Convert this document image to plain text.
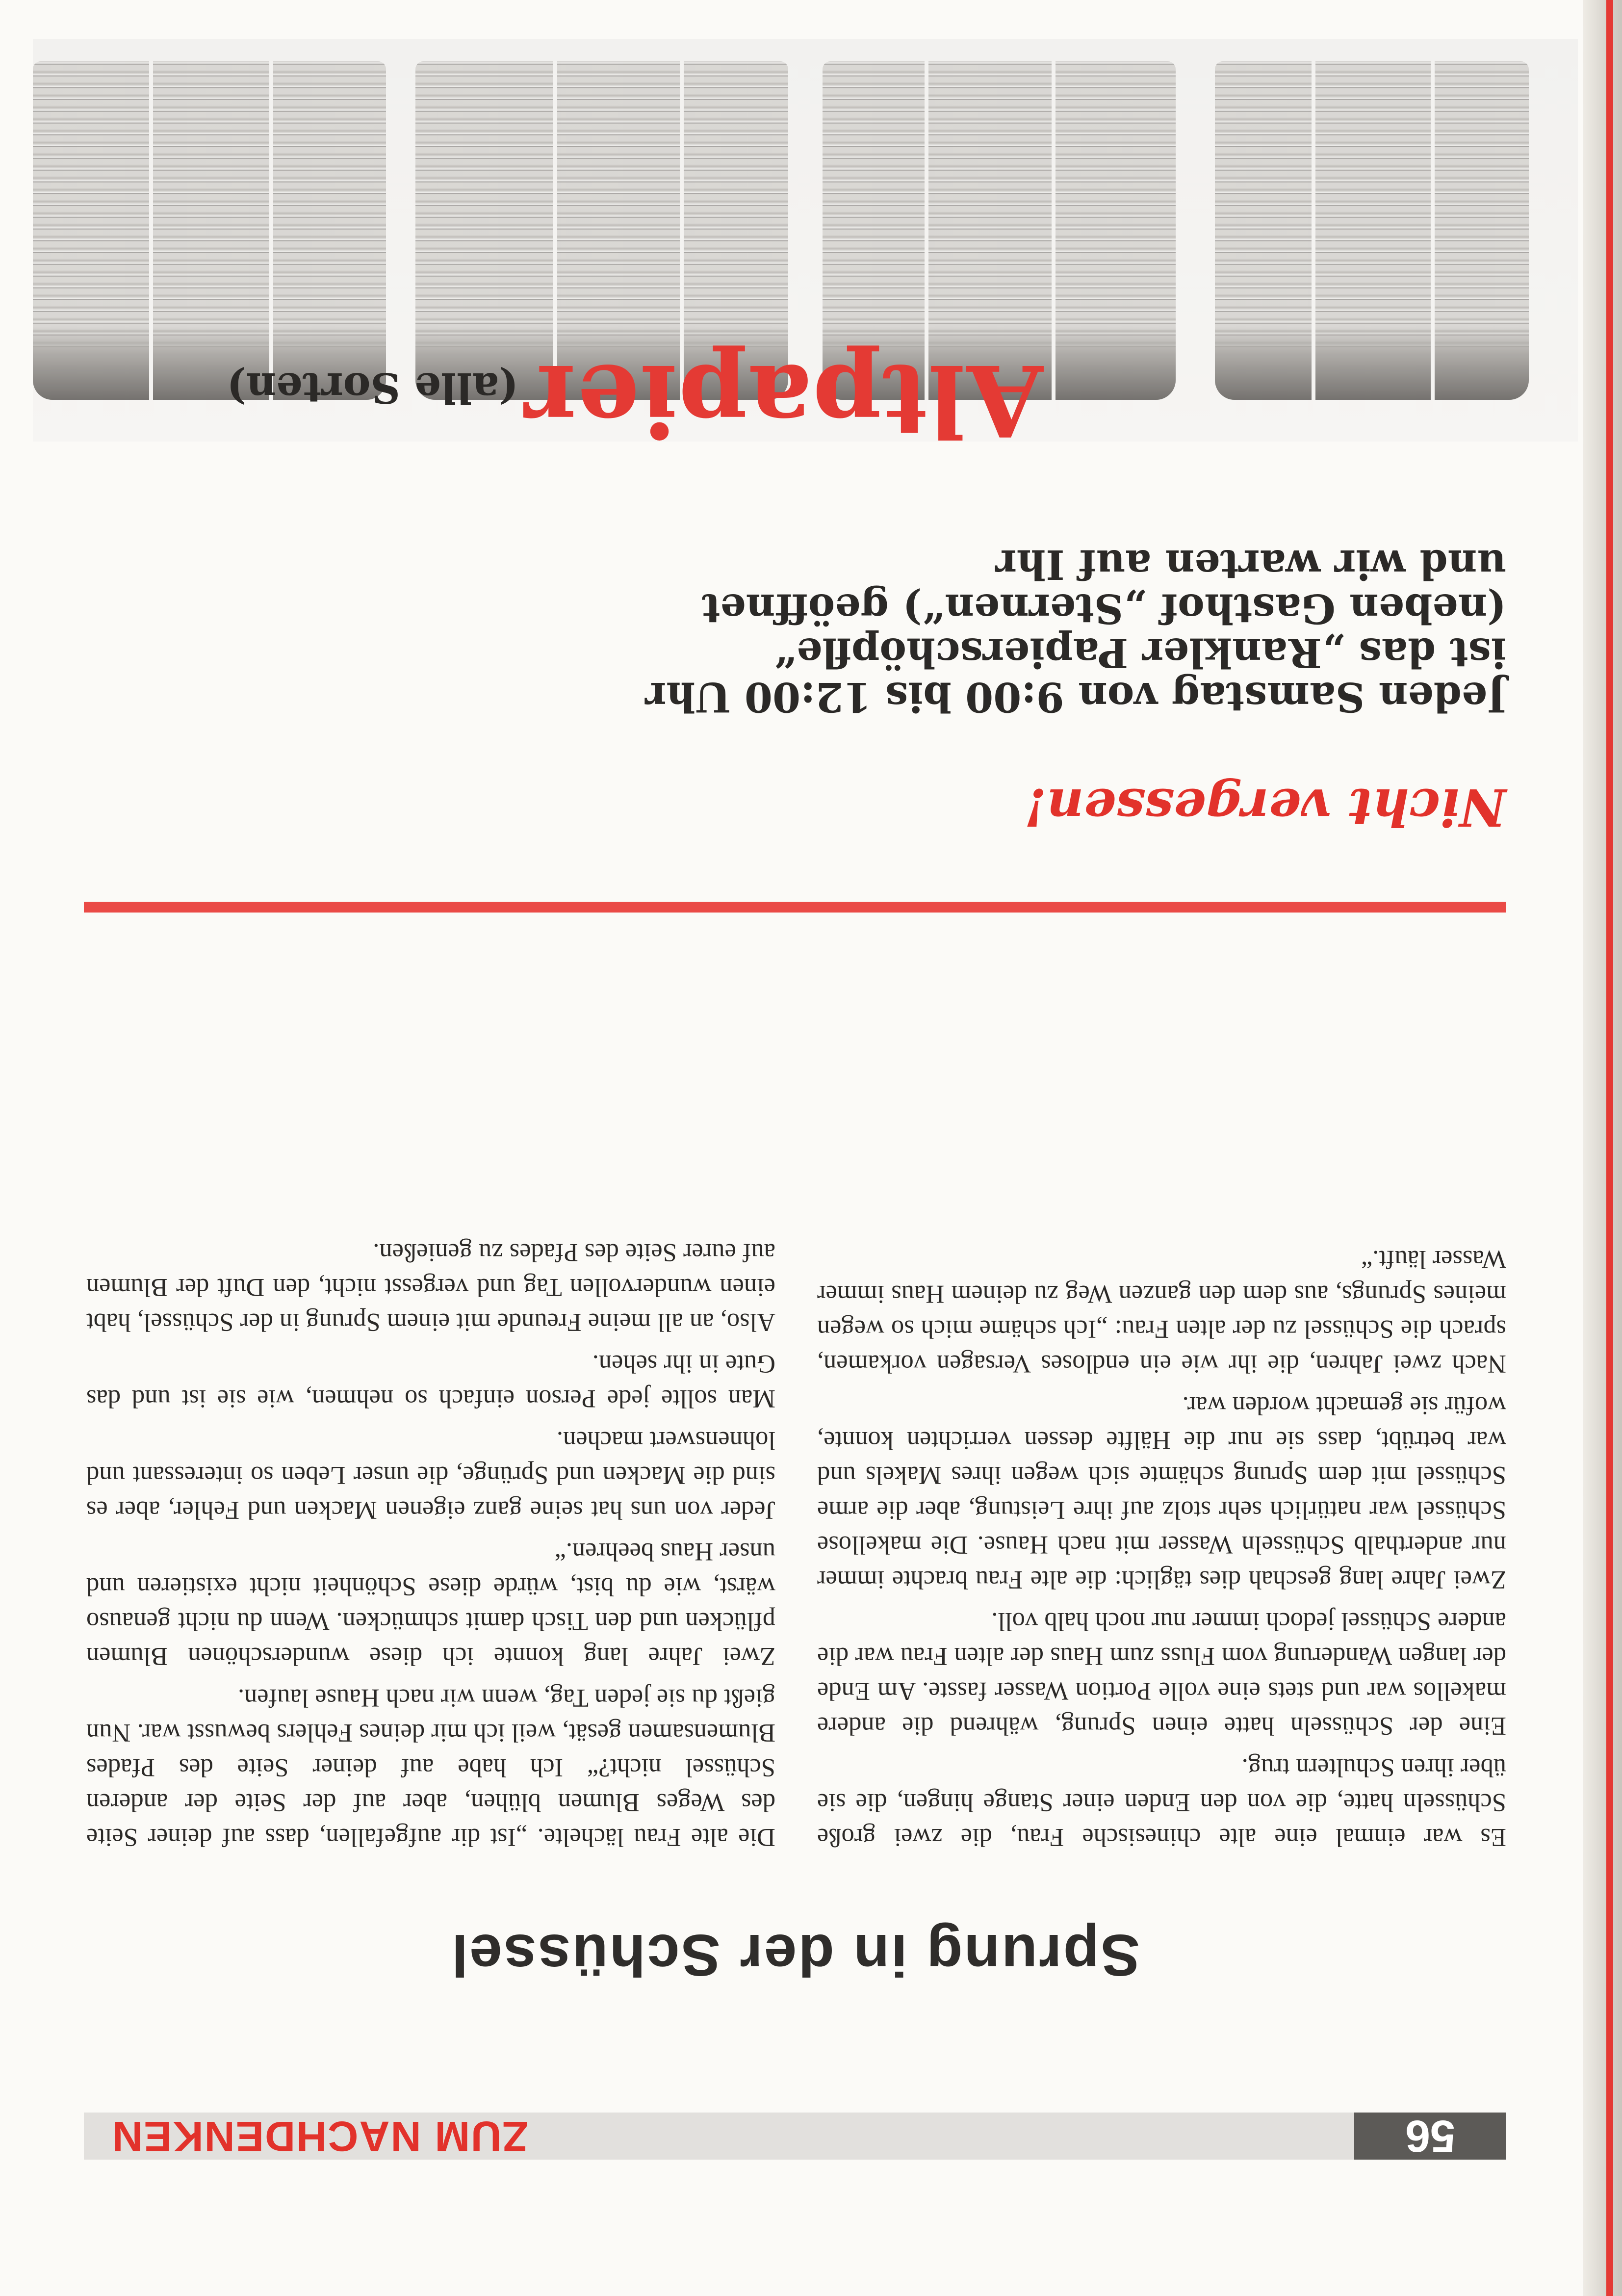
56
ZUM NACHDENKEN
Sprung in der Schüssel

Es war einmal eine alte chinesische Frau, die zwei große Schüsseln hatte, die von den Enden einer Stange hingen, die sie über ihren Schultern trug.

Eine der Schüsseln hatte einen Sprung, während die andere makellos war und stets eine volle Portion Wasser fasste. Am Ende der langen Wanderung vom Fluss zum Haus der alten Frau war die andere Schüssel jedoch immer nur noch halb voll.

Zwei Jahre lang geschah dies täglich: die alte Frau brachte immer nur anderthalb Schüsseln Wasser mit nach Hause. Die makellose Schüssel war natürlich sehr stolz auf ihre Leistung, aber die arme Schüssel mit dem Sprung schämte sich wegen ihres Makels und war betrübt, dass sie nur die Hälfte dessen verrichten konnte, wofür sie gemacht worden war.

Nach zwei Jahren, die ihr wie ein endloses Versagen vorkamen, sprach die Schüssel zu der alten Frau: „Ich schäme mich so wegen meines Sprungs, aus dem den ganzen Weg zu deinem Haus immer Wasser läuft.“

Die alte Frau lächelte. „Ist dir aufgefallen, dass auf deiner Seite des Weges Blumen blühen, aber auf der Seite der anderen Schüssel nicht?“ Ich habe auf deiner Seite des Pfades Blumensamen gesät, weil ich mir deines Fehlers bewusst war. Nun gießt du sie jeden Tag, wenn wir nach Hause laufen.

Zwei Jahre lang konnte ich diese wunderschönen Blumen pflücken und den Tisch damit schmücken. Wenn du nicht genauso wärst, wie du bist, würde diese Schönheit nicht existieren und unser Haus beehren.“

Jeder von uns hat seine ganz eigenen Macken und Fehler, aber es sind die Macken und Sprünge, die unser Leben so interessant und lohnenswert machen.

Man sollte jede Person einfach so nehmen, wie sie ist und das Gute in ihr sehen.

Also, an all meine Freunde mit einem Sprung in der Schüssel, habt einen wundervollen Tag und vergesst nicht, den Duft der Blumen auf eurer Seite des Pfades zu genießen.

Nicht vergessen!
Jeden Samstag von 9:00 bis 12:00 Uhr
ist das „Rankler Papierschöpfle“
(neben Gasthof „Sternen“) geöffnet
und wir warten auf Ihr
Altpapier
(alle Sorten)
